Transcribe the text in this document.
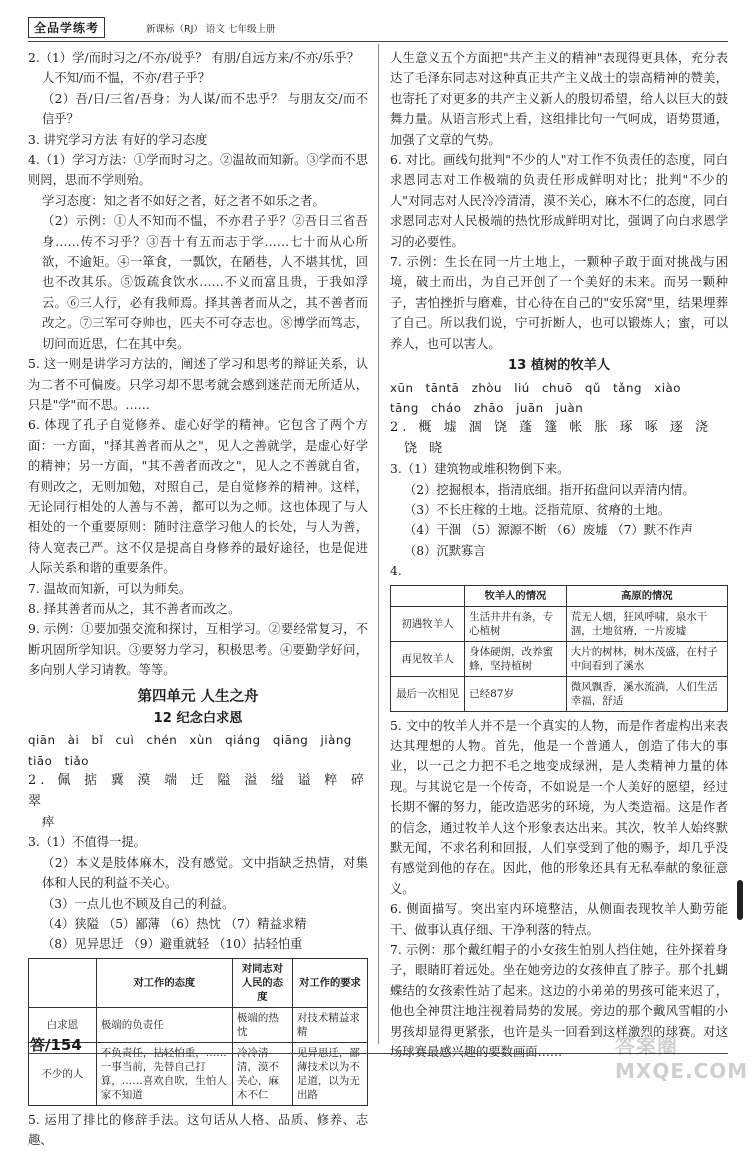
全品学练考	新课标（RJ） 语文 七年级上册

2.（1）学/而时习之/不亦/说乎？ 有朋/自远方来/不亦/乐乎？

人不知/而不愠，不亦/君子乎？

（2）吾/日/三省/吾身：为人谋/而不忠乎？ 与朋友交/而不信乎？

3. 讲究学习方法 有好的学习态度

4.（1）学习方法：①学而时习之。②温故而知新。③学而不思则罔，思而不学则殆。

学习态度：知之者不如好之者，好之者不如乐之者。

（2）示例：①人不知而不愠，不亦君子乎？②吾日三省吾身……传不习乎？③吾十有五而志于学……七十而从心所欲，不逾矩。④一箪食，一瓢饮，在陋巷，人不堪其忧，回也不改其乐。⑤饭疏食饮水……不义而富且贵，于我如浮云。⑥三人行，必有我师焉。择其善者而从之，其不善者而改之。⑦三军可夺帅也，匹夫不可夺志也。⑧博学而笃志，切问而近思，仁在其中矣。

5. 这一则是讲学习方法的，阐述了学习和思考的辩证关系，认为二者不可偏废。只学习却不思考就会感到迷茫而无所适从，只是"学"而不思。……

6. 体现了孔子自觉修养、虚心好学的精神。它包含了两个方面：一方面，"择其善者而从之"，见人之善就学，是虚心好学的精神；另一方面，"其不善者而改之"，见人之不善就自省，有则改之，无则加勉，对照自己，是自觉修养的精神。这样，无论同行相处的人善与不善，都可以为之师。这也体现了与人相处的一个重要原则：随时注意学习他人的长处，与人为善，待人宽表己严。这不仅是提高自身修养的最好途径，也是促进人际关系和谐的重要条件。

7. 温故而知新，可以为师矣。

8. 择其善者而从之，其不善者而改之。

9. 示例：①要加强交流和探讨，互相学习。②要经常复习，不断巩固所学知识。③要努力学习，积极思考。④要勤学好问，多向别人学习请教。等等。

第四单元 人生之舟
12 纪念白求恩

qiān ài bǐ cuì chén xùn qiáng qiāng jiàng

tiāo tiǎo

2. 佩 掂 冀 漠 端 迁 隘 溢 缢 谥 粹 碎 翠

瘁

3.（1）不值得一提。

（2）本义是肢体麻木，没有感觉。文中指缺乏热情，对集体和人民的利益不关心。

（3）一点儿也不顾及自己的利益。

（4）狭隘 （5）鄙薄 （6）热忱 （7）精益求精

（8）见异思迁 （9）避重就轻 （10）拈轻怕重

	对工作的态度	对同志对人民的态度	对工作的要求
白求恩	极端的负责任	极端的热忱	对技术精益求精
不少的人	不负责任，拈轻怕重，……一事当前，先替自己打算，……喜欢自吹，生怕人家不知道	冷冷清清，漠不关心，麻木不仁	见异思迁，鄙薄技术以为不足道，以为无出路

5. 运用了排比的修辞手法。这句话从人格、品质、修养、志趣、

人生意义五个方面把"共产主义的精神"表现得更具体，充分表达了毛泽东同志对这种真正共产主义战士的崇高精神的赞美，也寄托了对更多的共产主义新人的殷切希望，给人以巨大的鼓舞力量。从语言形式上看，这组排比句一气呵成，语势贯通，加强了文章的气势。

6. 对比。画线句批判"不少的人"对工作不负责任的态度，同白求恩同志对工作极端的负责任形成鲜明对比；批判"不少的人"对同志对人民冷冷清清，漠不关心，麻木不仁的态度，同白求恩同志对人民极端的热忱形成鲜明对比，强调了向白求恩学习的必要性。

7. 示例：生长在同一片土地上，一颗种子敢于面对挑战与困境，破土而出，为自己开创了一个美好的未来。而另一颗种子，害怕挫折与磨难，甘心待在自己的"安乐窝"里，结果埋葬了自己。所以我们说，宁可折断人，也可以锻炼人；蜜，可以养人，也可以害人。

13 植树的牧羊人

xūn tāntā zhòu liú chuō qǔ tǎng xiào

tāng cháo zhāo juān juàn

2. 概 墟 涸 饶 蓬 篷 帐 胀 琢 啄 逐 浇

饶 晓

3.（1）建筑物或堆积物倒下来。

（2）挖掘根本，指清底细。指开拓盘问以弄清内情。

（3）不长庄稼的土地。泛指荒原、贫瘠的土地。

（4）干涸 （5）源源不断 （6）废墟 （7）默不作声

（8）沉默寡言

4.

	牧羊人的情况	高原的情况
初遇牧羊人	生活井井有条，专心植树	荒无人烟，狂风呼啸，泉水干涸，土地贫瘠，一片废墟
再见牧羊人	身体硬朗，改养蜜蜂，坚持植树	大片的树林，树木茂盛，在村子中间看到了溪水
最后一次相见	已经87岁	微风飘香，溪水流淌，人们生活幸福，舒适

5. 文中的牧羊人并不是一个真实的人物，而是作者虚构出来表达其理想的人物。首先，他是一个普通人，创造了伟大的事业，以一己之力把不毛之地变成绿洲，是人类精神力量的体现。与其说它是一个传奇，不如说是一个人美好的愿望，经过长期不懈的努力，能改造恶劣的环境，为人类造福。这是作者的信念，通过牧羊人这个形象表达出来。其次，牧羊人始终默默无闻，不求名利和回报，人们享受到了他的赐予，却几乎没有感觉到他的存在。因此，他的形象还具有无私奉献的象征意义。

6. 侧面描写。突出室内环境整洁，从侧面表现牧羊人勤劳能干、做事认真仔细、干净利落的特点。

7. 示例：那个戴红帽子的小女孩生怕别人挡住她，往外探着身子，眼睛盯着远处。坐在她旁边的女孩伸直了脖子。那个扎蝴蝶结的女孩索性站了起来。这边的小弟弟的男孩可能来迟了，他也全神贯注地注视着局势的发展。旁边的那个戴风雪帽的小男孩却显得更紧张，也许是头一回看到这样激烈的球赛。对这场球赛最感兴趣的要数画面……

答/154	答案圈 MXQE.COM
